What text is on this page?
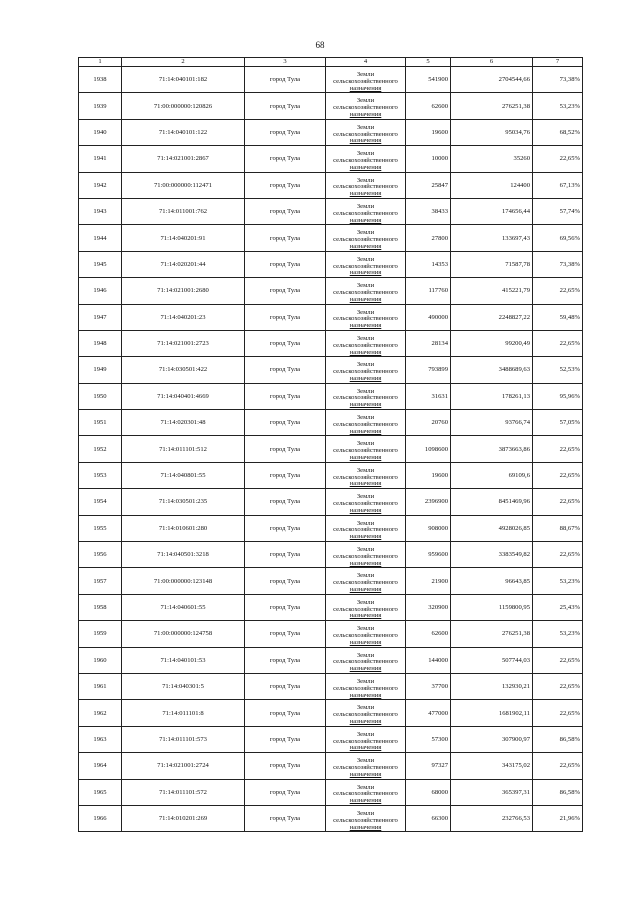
68
1	2	3	4	5	6	7
1938	71:14:040101:182	город Тула	Земли
сельскохозяйственного
назначения	541900	2704544,66	73,38%
1939	71:00:000000:120826	город Тула	Земли
сельскохозяйственного
назначения	62600	276251,38	53,23%
1940	71:14:040101:122	город Тула	Земли
сельскохозяйственного
назначения	19600	95034,76	68,52%
1941	71:14:021001:2867	город Тула	Земли
сельскохозяйственного
назначения	10000	35260	22,65%
1942	71:00:000000:112471	город Тула	Земли
сельскохозяйственного
назначения	25847	124400	67,13%
1943	71:14:011001:762	город Тула	Земли
сельскохозяйственного
назначения	38433	174656,44	57,74%
1944	71:14:040201:91	город Тула	Земли
сельскохозяйственного
назначения	27800	133697,43	69,56%
1945	71:14:020201:44	город Тула	Земли
сельскохозяйственного
назначения	14353	71587,78	73,38%
1946	71:14:021001:2680	город Тула	Земли
сельскохозяйственного
назначения	117760	415221,79	22,65%
1947	71:14:040201:23	город Тула	Земли
сельскохозяйственного
назначения	490000	2248827,22	59,48%
1948	71:14:021001:2723	город Тула	Земли
сельскохозяйственного
назначения	28134	99200,49	22,65%
1949	71:14:030501:422	город Тула	Земли
сельскохозяйственного
назначения	793899	3488689,63	52,53%
1950	71:14:040401:4669	город Тула	Земли
сельскохозяйственного
назначения	31631	178261,13	95,96%
1951	71:14:020301:48	город Тула	Земли
сельскохозяйственного
назначения	20760	93766,74	57,05%
1952	71:14:011101:512	город Тула	Земли
сельскохозяйственного
назначения	1098600	3873663,86	22,65%
1953	71:14:040801:55	город Тула	Земли
сельскохозяйственного
назначения	19600	69109,6	22,65%
1954	71:14:030501:235	город Тула	Земли
сельскохозяйственного
назначения	2396900	8451469,96	22,65%
1955	71:14:010601:280	город Тула	Земли
сельскохозяйственного
назначения	908000	4928026,85	88,67%
1956	71:14:040501:3218	город Тула	Земли
сельскохозяйственного
назначения	959600	3383549,82	22,65%
1957	71:00:000000:123148	город Тула	Земли
сельскохозяйственного
назначения	21900	96643,85	53,23%
1958	71:14:040601:55	город Тула	Земли
сельскохозяйственного
назначения	320900	1159800,95	25,43%
1959	71:00:000000:124758	город Тула	Земли
сельскохозяйственного
назначения	62600	276251,38	53,23%
1960	71:14:040101:53	город Тула	Земли
сельскохозяйственного
назначения	144000	507744,03	22,65%
1961	71:14:040301:5	город Тула	Земли
сельскохозяйственного
назначения	37700	132930,21	22,65%
1962	71:14:011101:8	город Тула	Земли
сельскохозяйственного
назначения	477000	1681902,11	22,65%
1963	71:14:011101:573	город Тула	Земли
сельскохозяйственного
назначения	57300	307900,97	86,58%
1964	71:14:021001:2724	город Тула	Земли
сельскохозяйственного
назначения	97327	343175,02	22,65%
1965	71:14:011101:572	город Тула	Земли
сельскохозяйственного
назначения	68000	365397,31	86,58%
1966	71:14:010201:269	город Тула	Земли
сельскохозяйственного
назначения	66300	232766,53	21,96%
